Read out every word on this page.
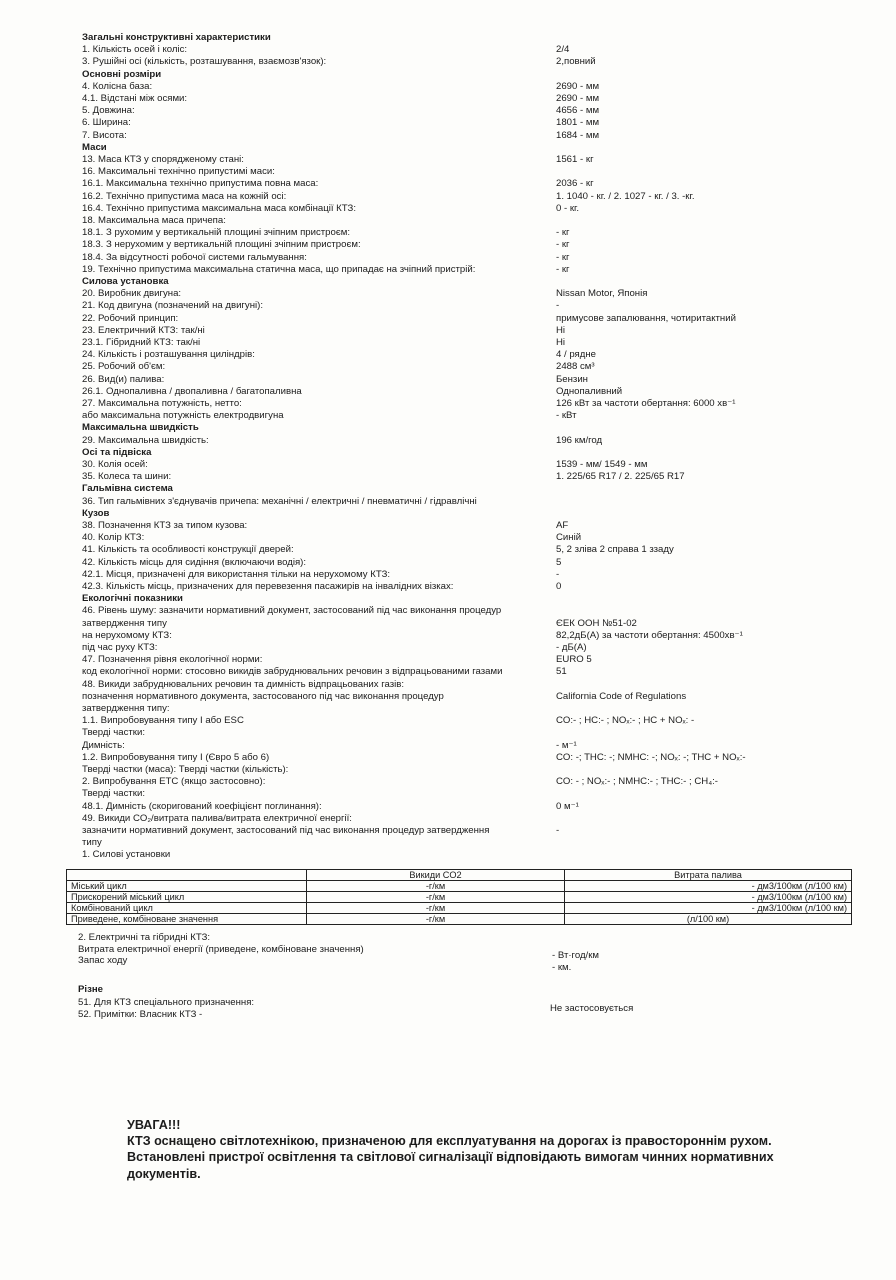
Загальні конструктивні характеристики
1. Кількість осей і коліс:	2/4
3. Рушійні осі (кількість, розташування, взаємозв'язок):	2,повний
Основні розміри
4. Колісна база:	2690 - мм
4.1. Відстані між осями:	2690 - мм
5. Довжина:	4656 - мм
6. Ширина:	1801 - мм
7. Висота:	1684 - мм
Маси
13. Маса КТЗ у спорядженому стані:	1561 - кг
16. Максимальні технічно припустимі маси:
16.1. Максимальна технічно припустима повна маса:	2036 - кг
16.2. Технічно припустима маса на кожній осі:	1. 1040 - кг. / 2. 1027 - кг. / 3. -кг.
16.4. Технічно припустима максимальна маса комбінації КТЗ:	0 - кг.
18. Максимальна маса причепа:
18.1. З рухомим у вертикальній площині зчіпним пристроєм:	- кг
18.3. З нерухомим у вертикальній площині зчіпним пристроєм:	- кг
18.4. За відсутності робочої системи гальмування:	- кг
19. Технічно припустима максимальна статична маса, що припадає на зчіпний пристрій:	- кг
Силова установка
20. Виробник двигуна:	Nissan Motor, Японія
21. Код двигуна (позначений на двигуні):	-
22. Робочий принцип:	примусове запалювання, чотиритактний
23. Електричний КТЗ: так/ні	Ні
23.1. Гібридний КТЗ: так/ні	Ні
24. Кількість і розташування циліндрів:	4 / рядне
25. Робочий об'єм:	2488 см³
26. Вид(и) палива:	Бензин
26.1. Однопаливна / двопаливна / багатопаливна	Однопаливний
27. Максимальна потужність, нетто:	126 кВт за частоти обертання: 6000 хв⁻¹
або максимальна потужність електродвигуна	- кВт
Максимальна швидкість
29. Максимальна швидкість:	196 км/год
Осі та підвіска
30. Колія осей:	1539 - мм/ 1549 - мм
35. Колеса та шини:	1. 225/65 R17 / 2. 225/65 R17
Гальмівна система
36. Тип гальмівних з'єднувачів причепа: механічні / електричні / пневматичні / гідравлічні
Кузов
38. Позначення КТЗ за типом кузова:	AF
40. Колір КТЗ:	Синій
41. Кількість та особливості конструкції дверей:	5, 2 зліва 2 справа 1 ззаду
42. Кількість місць для сидіння (включаючи водія):	5
42.1. Місця, призначені для використання тільки на нерухомому КТЗ:	-
42.3. Кількість місць, призначених для перевезення пасажирів на інвалідних візках:	0
Екологічні показники
46. Рівень шуму: зазначити нормативний документ, застосований під час виконання процедур
затвердження типу	ЄЕК ООН №51-02
на нерухомому КТЗ:	82,2дБ(А) за частоти обертання: 4500хв⁻¹
під час руху КТЗ:	- дБ(А)
47. Позначення рівня екологічної норми:	EURO 5
код екологічної норми: стосовно викидів забруднювальних речовин з відпрацьованими газами	51
48. Викиди забруднювальних речовин та димність відпрацьованих газів:
позначення нормативного документа, застосованого під час виконання процедур	California Code of Regulations
затвердження типу:
1.1. Випробовування типу I або ESC	CO:- ; HC:- ; NOₓ:- ; HC + NOₓ: -
Тверді частки:
Димність:	- м⁻¹
1.2. Випробовування типу I (Євро 5 або 6)	CO: -; THC: -; NMHC: -; NOₓ: -; THC + NOₓ:-
Тверді частки (маса): Тверді частки (кількість):
2. Випробування ETC (якщо застосовно):	CO: - ; NOₓ:- ; NMHC:- ; THC:- ; CH₄:-
Тверді частки:
48.1. Димність (скоригований коефіцієнт поглинання):	0 м⁻¹
49. Викиди CO₂/витрата палива/витрата електричної енергії:
зазначити нормативний документ, застосований під час виконання процедур затвердження	-
типу
1. Силові установки
	Викиди CO2	Витрата палива
Міський цикл	-г/км	- дм3/100км (л/100 км)
Прискорений міський цикл	-г/км	- дм3/100км (л/100 км)
Комбінований цикл	-г/км	- дм3/100км (л/100 км)
Приведене, комбіноване значення	-г/км	(л/100 км)
2. Електричні та гібридні КТЗ:
Витрата електричної енергії (приведене, комбіноване значення)
- Вт·год/км
Запас ходу
- км.
Різне
51. Для КТЗ спеціального призначення:
Не застосовується
52. Примітки: Власник КТЗ -
УВАГА!!!
КТЗ оснащено світлотехнікою, призначеною для експлуатування на дорогах із правостороннім рухом.
Встановлені пристрої освітлення та світлової сигналізації відповідають вимогам чинних нормативних
документів.
